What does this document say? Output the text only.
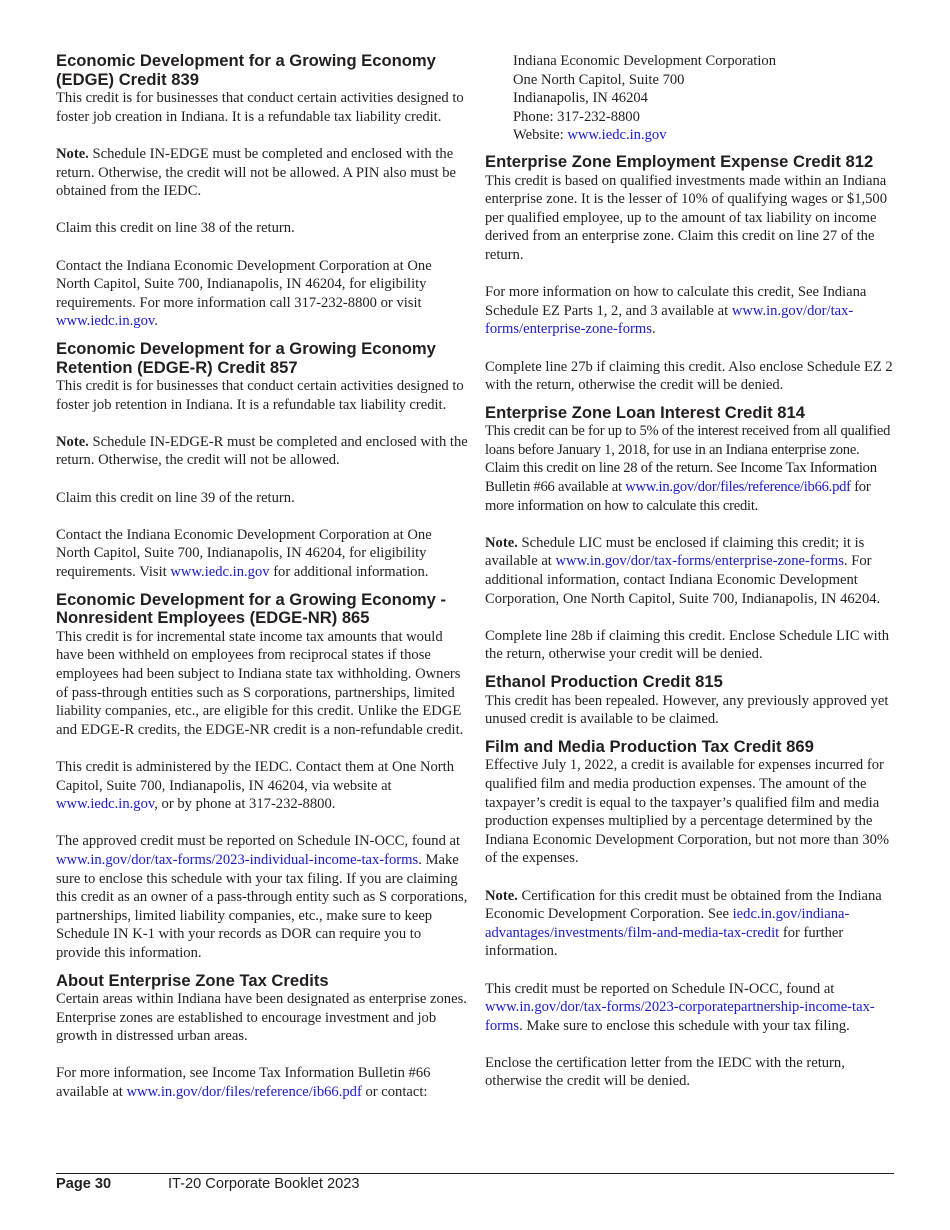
Economic Development for a Growing Economy
(EDGE) Credit 839

This credit is for businesses that conduct certain activities designed to foster job creation in Indiana. It is a refundable tax liability credit.

Note. Schedule IN-EDGE must be completed and enclosed with the return. Otherwise, the credit will not be allowed. A PIN also must be obtained from the IEDC.

Claim this credit on line 38 of the return.

Contact the Indiana Economic Development Corporation at One North Capitol, Suite 700, Indianapolis, IN 46204, for eligibility requirements. For more information call 317-232-8800 or visit www.iedc.in.gov.

Economic Development for a Growing Economy
Retention (EDGE-R) Credit 857

This credit is for businesses that conduct certain activities designed to foster job retention in Indiana. It is a refundable tax liability credit.

Note. Schedule IN-EDGE-R must be completed and enclosed with the return. Otherwise, the credit will not be allowed.

Claim this credit on line 39 of the return.

Contact the Indiana Economic Development Corporation at One North Capitol, Suite 700, Indianapolis, IN 46204, for eligibility requirements. Visit www.iedc.in.gov for additional information.

Economic Development for a Growing Economy -
Nonresident Employees (EDGE-NR) 865

This credit is for incremental state income tax amounts that would have been withheld on employees from reciprocal states if those employees had been subject to Indiana state tax withholding. Owners of pass-through entities such as S corporations, partnerships, limited liability companies, etc., are eligible for this credit. Unlike the EDGE and EDGE-R credits, the EDGE-NR credit is a non-refundable credit.

This credit is administered by the IEDC. Contact them at One North Capitol, Suite 700, Indianapolis, IN 46204, via website at www.iedc.in.gov, or by phone at 317-232-8800.

The approved credit must be reported on Schedule IN-OCC, found at www.in.gov/dor/tax-forms/2023-individual-income-tax-forms. Make sure to enclose this schedule with your tax filing. If you are claiming this credit as an owner of a pass-through entity such as S corporations, partnerships, limited liability companies, etc., make sure to keep Schedule IN K-1 with your records as DOR can require you to provide this information.

About Enterprise Zone Tax Credits

Certain areas within Indiana have been designated as enterprise zones. Enterprise zones are established to encourage investment and job growth in distressed urban areas.

For more information, see Income Tax Information Bulletin #66 available at www.in.gov/dor/files/reference/ib66.pdf or contact:

Indiana Economic Development Corporation
One North Capitol, Suite 700
Indianapolis, IN 46204
Phone: 317-232-8800
Website: www.iedc.in.gov
Enterprise Zone Employment Expense Credit 812

This credit is based on qualified investments made within an Indiana enterprise zone. It is the lesser of 10% of qualifying wages or $1,500 per qualified employee, up to the amount of tax liability on income derived from an enterprise zone. Claim this credit on line 27 of the return.

For more information on how to calculate this credit, See Indiana Schedule EZ Parts 1, 2, and 3 available at www.in.gov/dor/tax-forms/enterprise-zone-forms.

Complete line 27b if claiming this credit. Also enclose Schedule EZ 2 with the return, otherwise the credit will be denied.

Enterprise Zone Loan Interest Credit 814

This credit can be for up to 5% of the interest received from all qualified loans before January 1, 2018, for use in an Indiana enterprise zone. Claim this credit on line 28 of the return. See Income Tax Information Bulletin #66 available at www.in.gov/dor/files/reference/ib66.pdf for more information on how to calculate this credit.

Note. Schedule LIC must be enclosed if claiming this credit; it is available at www.in.gov/dor/tax-forms/enterprise-zone-forms. For additional information, contact Indiana Economic Development Corporation, One North Capitol, Suite 700, Indianapolis, IN 46204.

Complete line 28b if claiming this credit. Enclose Schedule LIC with the return, otherwise your credit will be denied.

Ethanol Production Credit 815

This credit has been repealed. However, any previously approved yet unused credit is available to be claimed.

Film and Media Production Tax Credit 869

Effective July 1, 2022, a credit is available for expenses incurred for qualified film and media production expenses. The amount of the taxpayer’s credit is equal to the taxpayer’s qualified film and media production expenses multiplied by a percentage determined by the Indiana Economic Development Corporation, but not more than 30% of the expenses.

Note. Certification for this credit must be obtained from the Indiana Economic Development Corporation. See iedc.in.gov/indiana-advantages/investments/film-and-media-tax-credit for further information.

This credit must be reported on Schedule IN-OCC, found at www.in.gov/dor/tax-forms/2023-corporatepartnership-income-tax-forms. Make sure to enclose this schedule with your tax filing.

Enclose the certification letter from the IEDC with the return, otherwise the credit will be denied.

Page 30	IT-20 Corporate Booklet 2023
